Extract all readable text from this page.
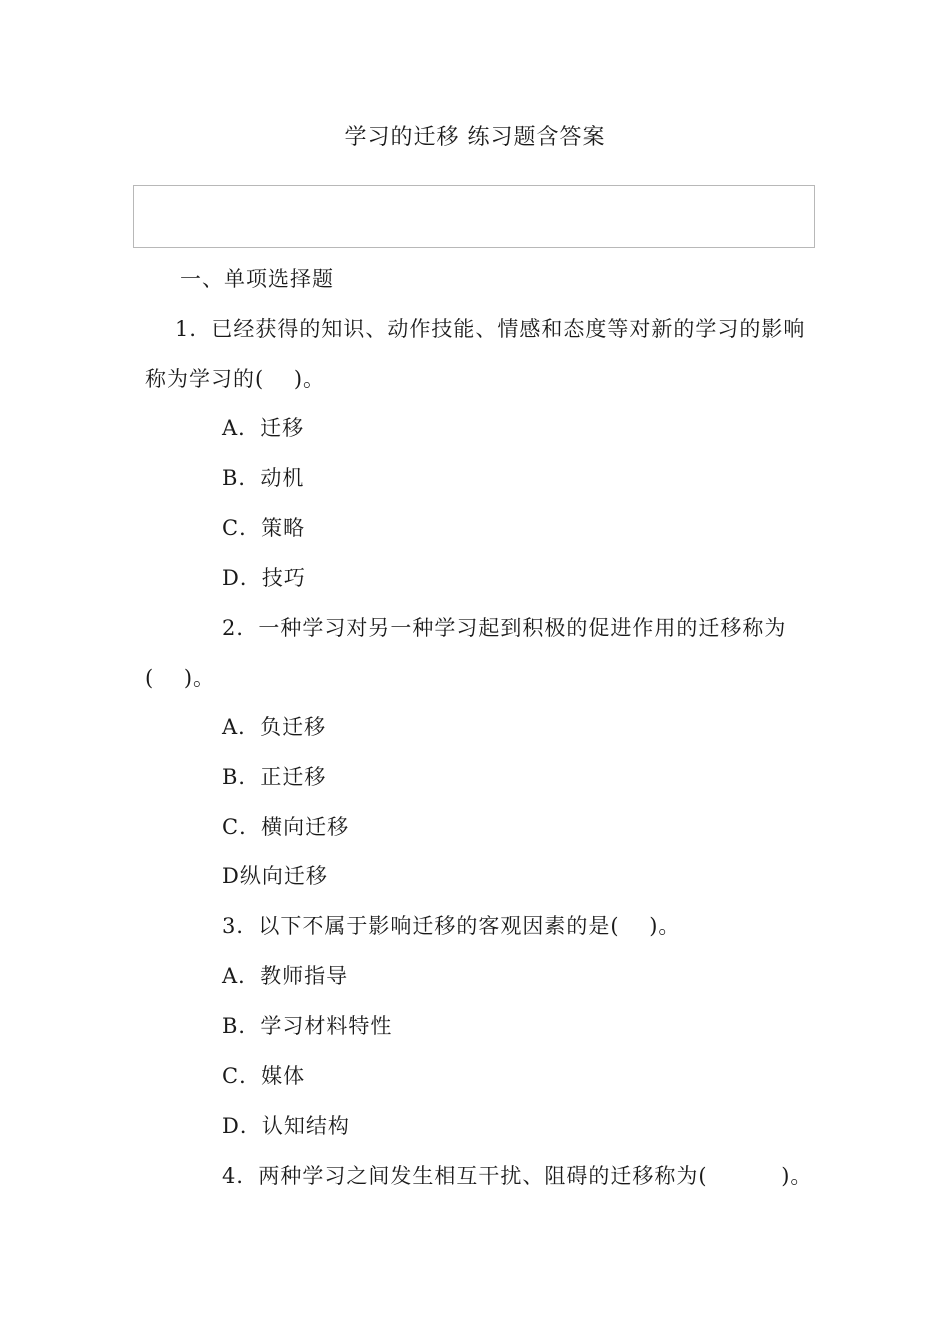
学习的迁移 练习题含答案
一、单项选择题
1．已经获得的知识、动作技能、情感和态度等对新的学习的影响
称为学习的(　 )。
A．迁移
B．动机
C．策略
D．技巧
2．一种学习对另一种学习起到积极的促进作用的迁移称为
(　 )。
A．负迁移
B．正迁移
C．横向迁移
D纵向迁移
3．以下不属于影响迁移的客观因素的是(　 )。
A．教师指导
B．学习材料特性
C．媒体
D．认知结构
4．两种学习之间发生相互干扰、阻碍的迁移称为(　　　 )。
